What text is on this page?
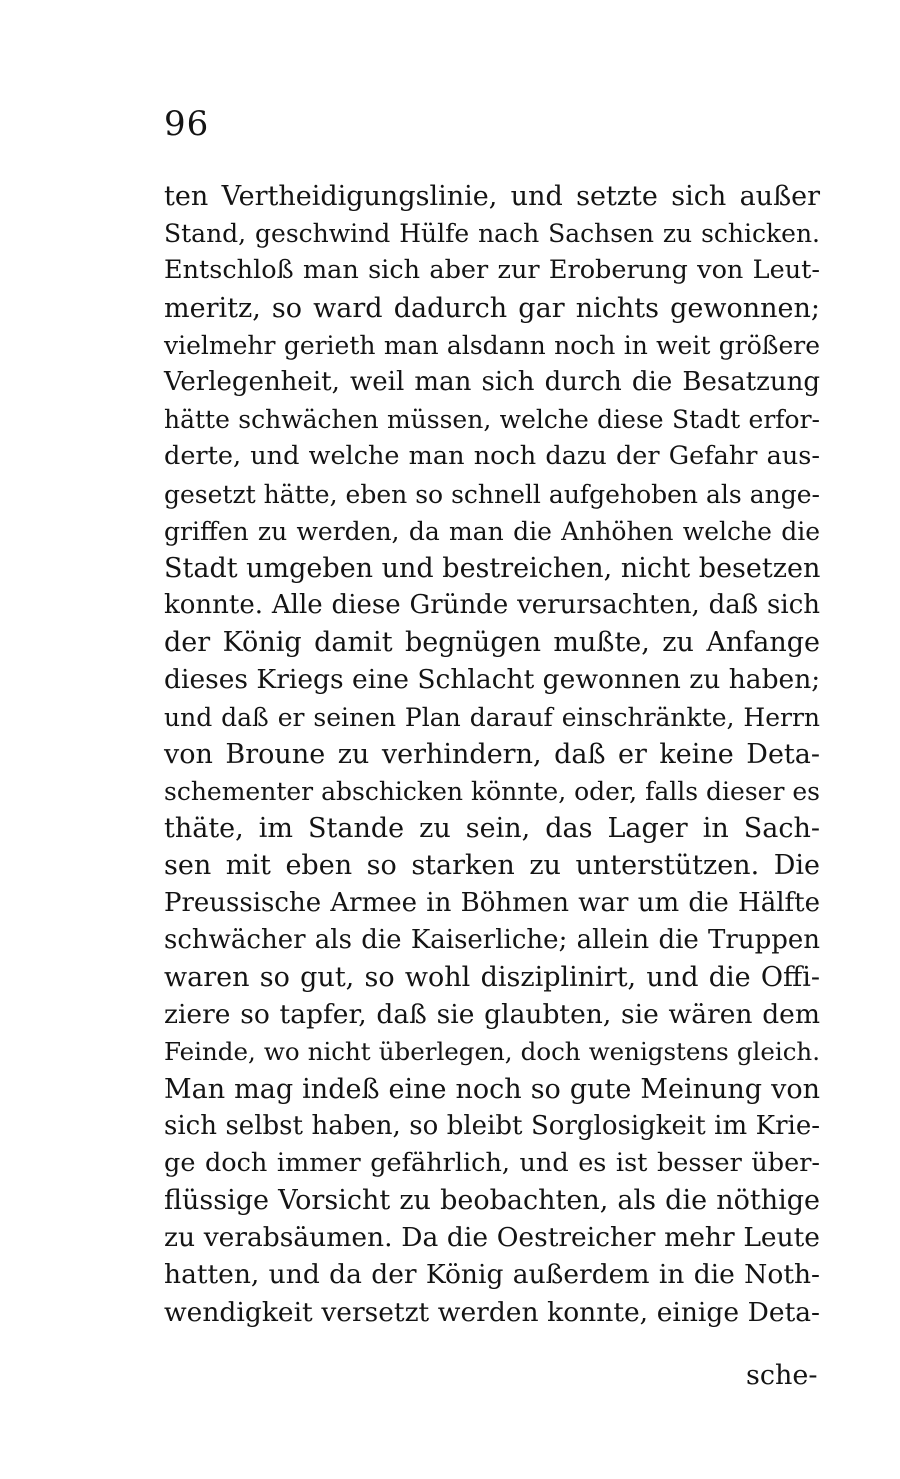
96
ten Vertheidigungslinie, und setzte sich außer
Stand, geschwind Hülfe nach Sachsen zu schicken.
Entschloß man sich aber zur Eroberung von Leut-
meritz, so ward dadurch gar nichts gewonnen;
vielmehr gerieth man alsdann noch in weit größere
Verlegenheit, weil man sich durch die Besatzung
hätte schwächen müssen, welche diese Stadt erfor-
derte, und welche man noch dazu der Gefahr aus-
gesetzt hätte, eben so schnell aufgehoben als ange-
griffen zu werden, da man die Anhöhen welche die
Stadt umgeben und bestreichen, nicht besetzen
konnte. Alle diese Gründe verursachten, daß sich
der König damit begnügen mußte, zu Anfange
dieses Kriegs eine Schlacht gewonnen zu haben;
und daß er seinen Plan darauf einschränkte, Herrn
von Broune zu verhindern, daß er keine Deta-
schementer abschicken könnte, oder, falls dieser es
thäte, im Stande zu sein, das Lager in Sach-
sen mit eben so starken zu unterstützen. Die
Preussische Armee in Böhmen war um die Hälfte
schwächer als die Kaiserliche; allein die Truppen
waren so gut, so wohl disziplinirt, und die Offi-
ziere so tapfer, daß sie glaubten, sie wären dem
Feinde, wo nicht überlegen, doch wenigstens gleich.
Man mag indeß eine noch so gute Meinung von
sich selbst haben, so bleibt Sorglosigkeit im Krie-
ge doch immer gefährlich, und es ist besser über-
flüssige Vorsicht zu beobachten, als die nöthige
zu verabsäumen. Da die Oestreicher mehr Leute
hatten, und da der König außerdem in die Noth-
wendigkeit versetzt werden konnte, einige Deta-
sche-
